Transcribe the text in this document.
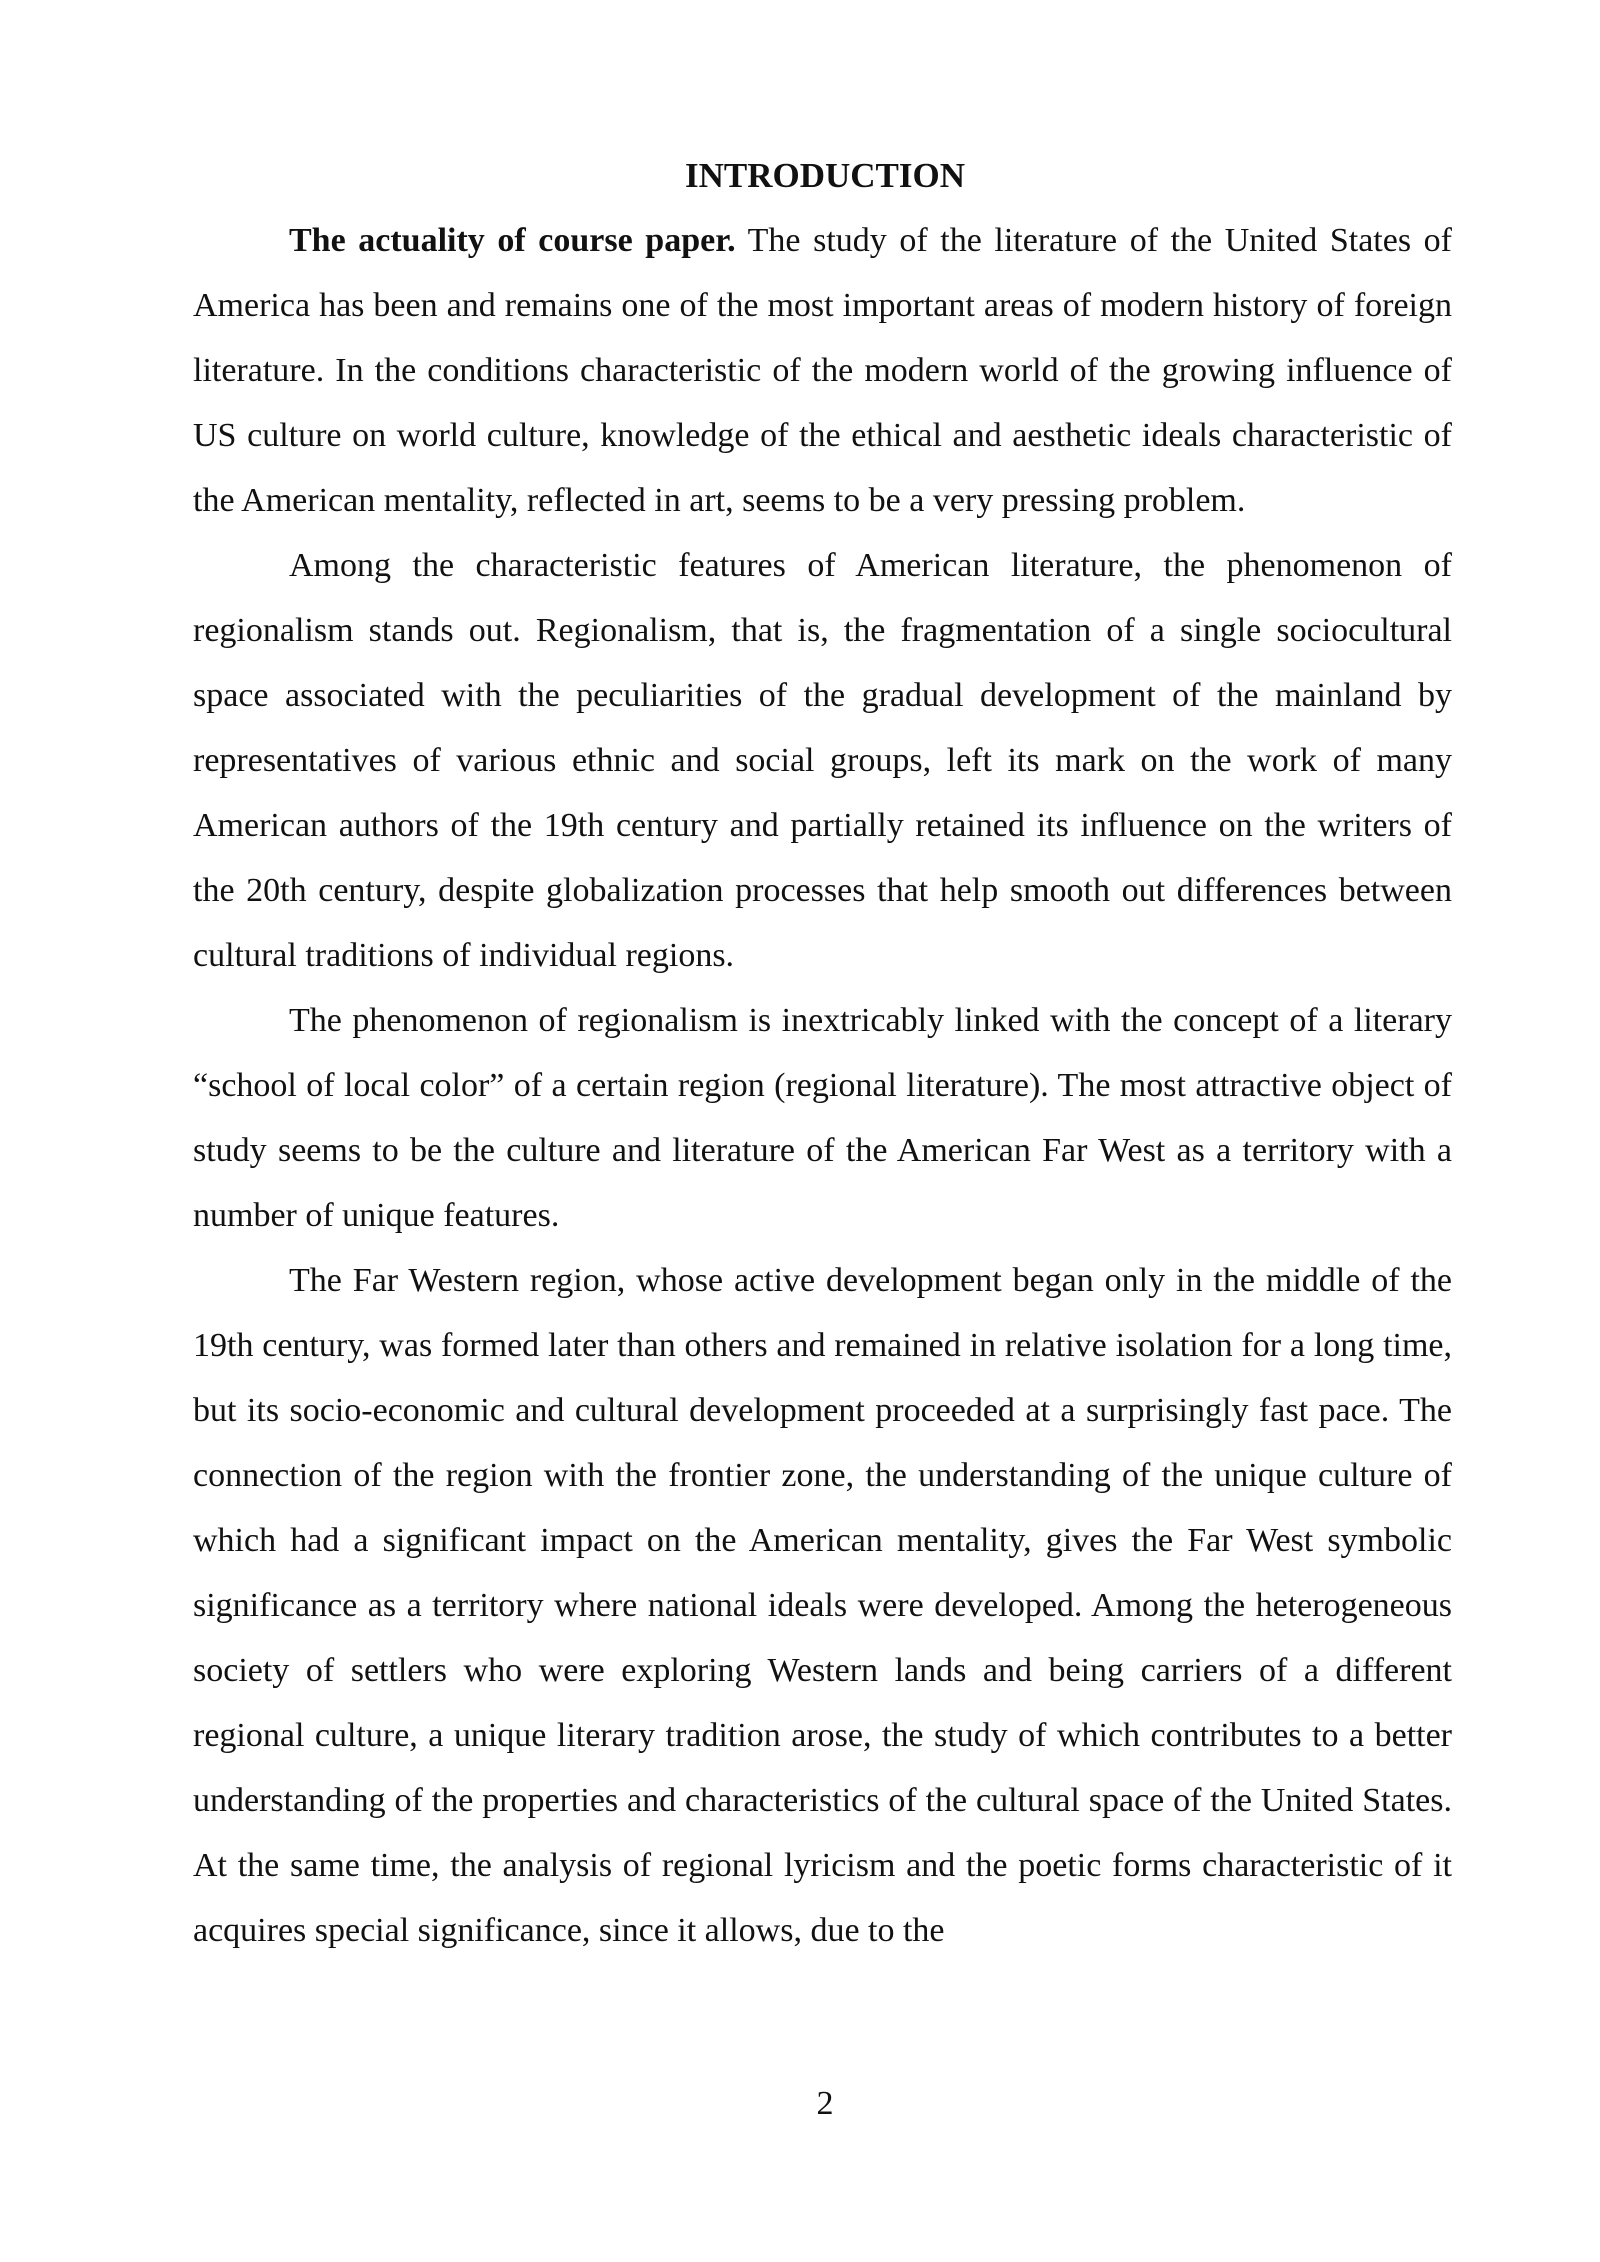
INTRODUCTION

The actuality of course paper. The study of the literature of the United States of America has been and remains one of the most important areas of modern history of foreign literature. In the conditions characteristic of the modern world of the growing influence of US culture on world culture, knowledge of the ethical and aesthetic ideals characteristic of the American mentality, reflected in art, seems to be a very pressing problem.

Among the characteristic features of American literature, the phenomenon of regionalism stands out. Regionalism, that is, the fragmentation of a single sociocultural space associated with the peculiarities of the gradual development of the mainland by representatives of various ethnic and social groups, left its mark on the work of many American authors of the 19th century and partially retained its influence on the writers of the 20th century, despite globalization processes that help smooth out differences between cultural traditions of individual regions.

The phenomenon of regionalism is inextricably linked with the concept of a literary “school of local color” of a certain region (regional literature). The most attractive object of study seems to be the culture and literature of the American Far West as a territory with a number of unique features.

The Far Western region, whose active development began only in the middle of the 19th century, was formed later than others and remained in relative isolation for a long time, but its socio-economic and cultural development proceeded at a surprisingly fast pace. The connection of the region with the frontier zone, the understanding of the unique culture of which had a significant impact on the American mentality, gives the Far West symbolic significance as a territory where national ideals were developed. Among the heterogeneous society of settlers who were exploring Western lands and being carriers of a different regional culture, a unique literary tradition arose, the study of which contributes to a better understanding of the properties and characteristics of the cultural space of the United States. At the same time, the analysis of regional lyricism and the poetic forms characteristic of it acquires special significance, since it allows, due to the

2
